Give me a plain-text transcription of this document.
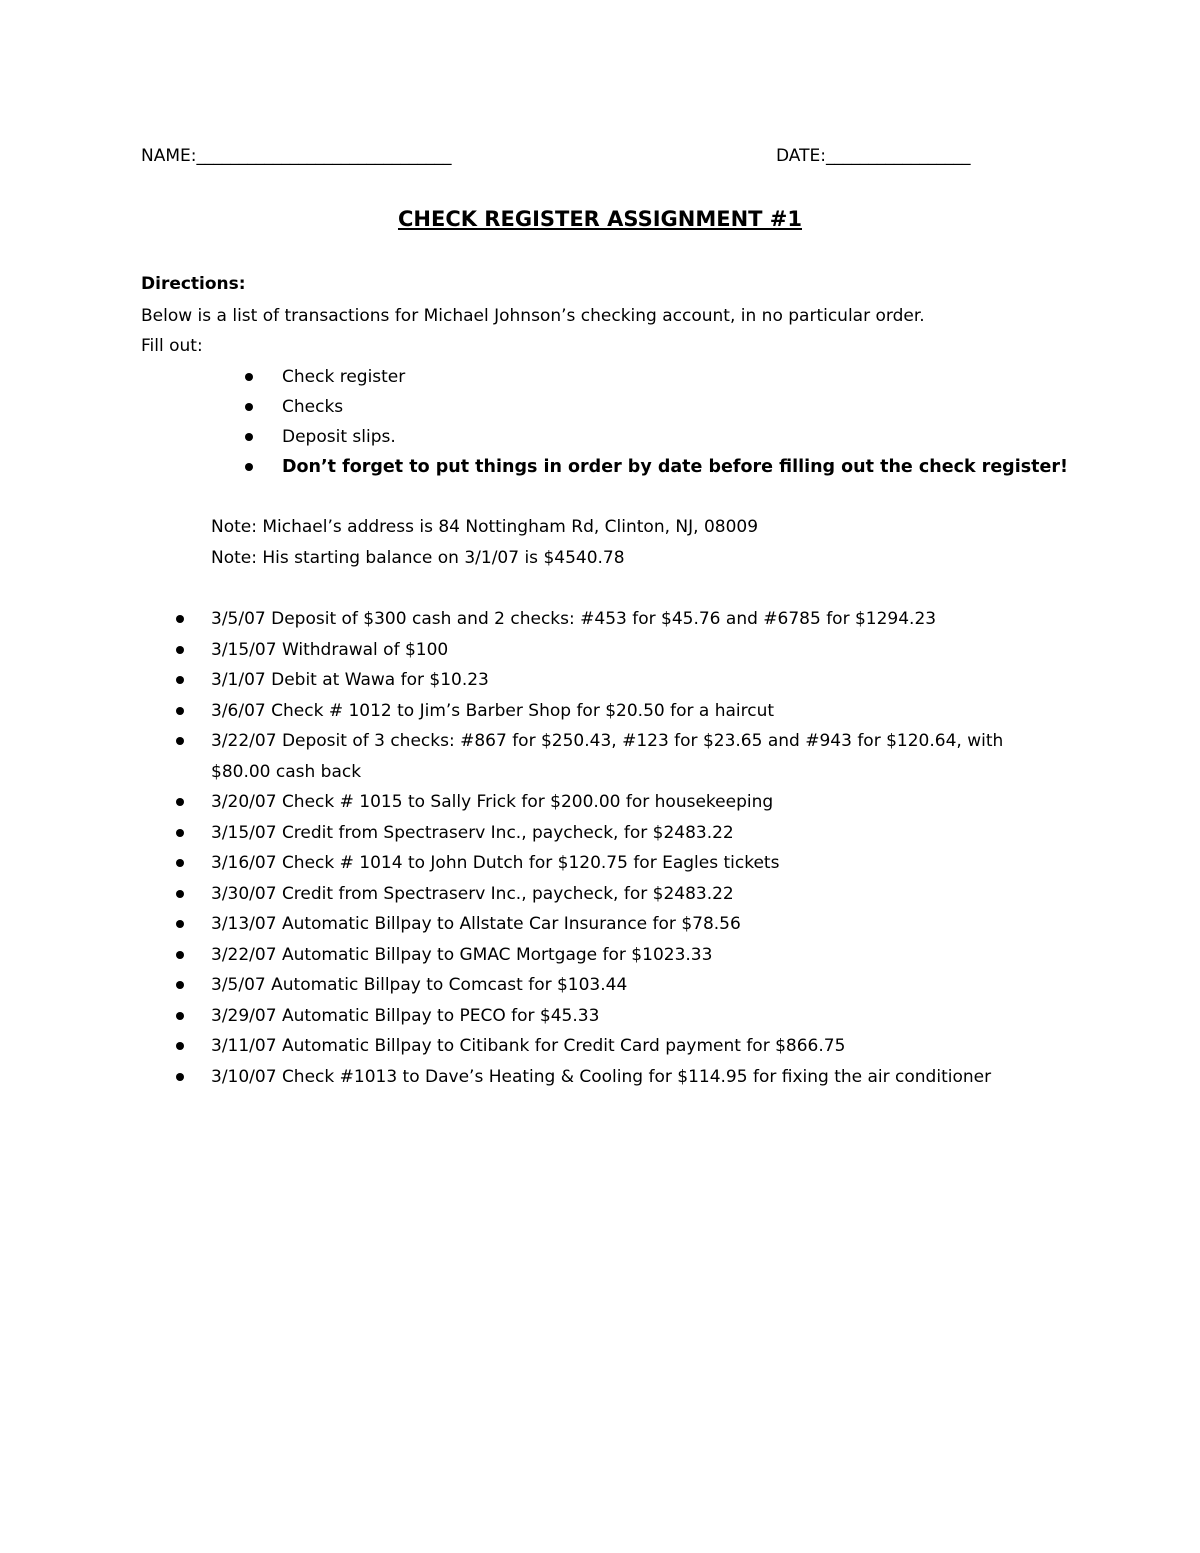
NAME:______________________________	DATE:_________________
CHECK REGISTER ASSIGNMENT #1
Directions:
Below is a list of transactions for Michael Johnson’s checking account, in no particular order.
Fill out:
Check register
Checks
Deposit slips.
Don’t forget to put things in order by date before filling out the check register!
Note: Michael’s address is 84 Nottingham Rd, Clinton, NJ, 08009
Note: His starting balance on 3/1/07 is $4540.78
3/5/07 Deposit of $300 cash and 2 checks: #453 for $45.76 and #6785 for $1294.23
3/15/07 Withdrawal of $100
3/1/07 Debit at Wawa for $10.23
3/6/07 Check # 1012 to Jim’s Barber Shop for $20.50 for a haircut
3/22/07 Deposit of 3 checks: #867 for $250.43, #123 for $23.65 and #943 for $120.64, with $80.00 cash back
3/20/07 Check # 1015 to Sally Frick for $200.00 for housekeeping
3/15/07 Credit from Spectraserv Inc., paycheck, for $2483.22
3/16/07 Check # 1014 to John Dutch for $120.75 for Eagles tickets
3/30/07 Credit from Spectraserv Inc., paycheck, for $2483.22
3/13/07 Automatic Billpay to Allstate Car Insurance for $78.56
3/22/07 Automatic Billpay to GMAC Mortgage for $1023.33
3/5/07 Automatic Billpay to Comcast for $103.44
3/29/07 Automatic Billpay to PECO for $45.33
3/11/07 Automatic Billpay to Citibank for Credit Card payment for $866.75
3/10/07 Check #1013 to Dave’s Heating & Cooling for $114.95 for fixing the air conditioner
